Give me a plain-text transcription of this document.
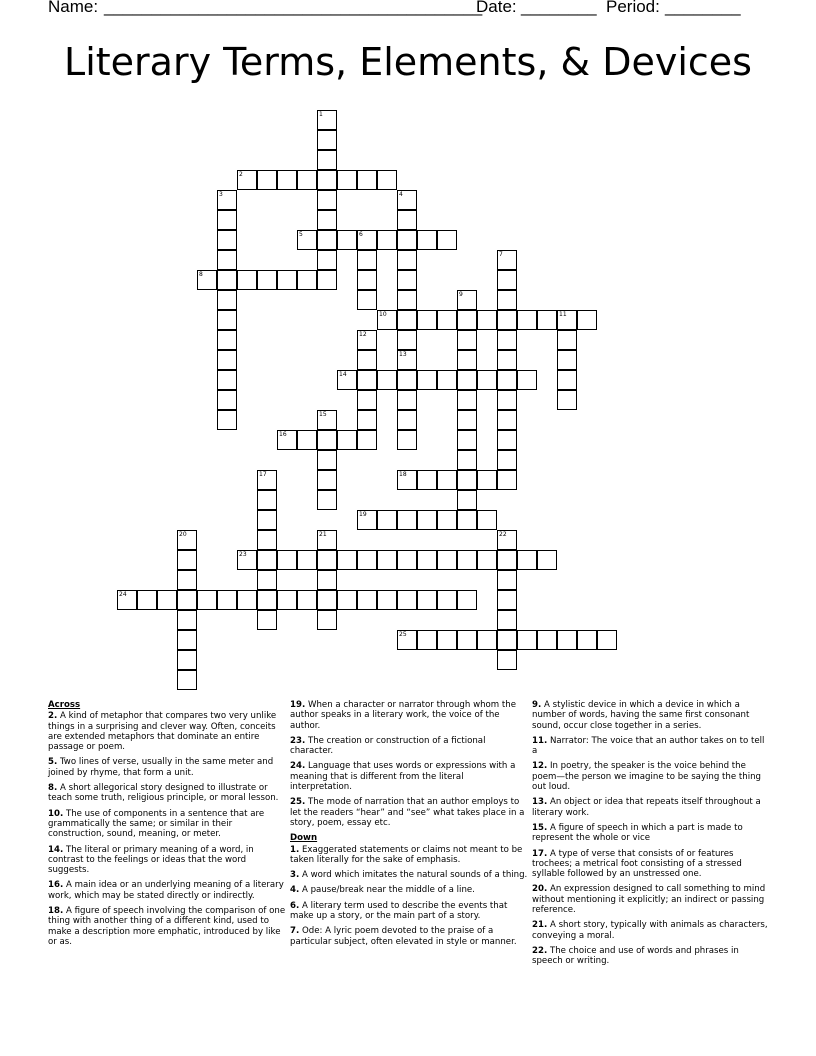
Name: ________________________________________
Date: ________ Period: ________
Literary Terms, Elements, & Devices
2
5
8
10
14
16
18
19
23
24
25
1
3	4
6
7
9
11
12
13
15
17
20	21	22
Across
2. A kind of metaphor that compares two very unlike things in a surprising and clever way. Often, conceits are extended metaphors that dominate an entire passage or poem.
5. Two lines of verse, usually in the same meter and joined by rhyme, that form a unit.
8. A short allegorical story designed to illustrate or teach some truth, religious principle, or moral lesson.
10. The use of components in a sentence that are grammatically the same; or similar in their construction, sound, meaning, or meter.
14. The literal or primary meaning of a word, in contrast to the feelings or ideas that the word suggests.
16. A main idea or an underlying meaning of a literary work, which may be stated directly or indirectly.
18. A figure of speech involving the comparison of one thing with another thing of a different kind, used to make a description more emphatic, introduced by like or as.
19. When a character or narrator through whom the author speaks in a literary work, the voice of the author.
23. The creation or construction of a fictional character.
24. Language that uses words or expressions with a meaning that is different from the literal interpretation.
25. The mode of narration that an author employs to let the readers “hear” and “see” what takes place in a story, poem, essay etc.
Down
1. Exaggerated statements or claims not meant to be taken literally for the sake of emphasis.
3. A word which imitates the natural sounds of a thing.
4. A pause/break near the middle of a line.
6. A literary term used to describe the events that make up a story, or the main part of a story.
7. Ode: A lyric poem devoted to the praise of a particular subject, often elevated in style or manner.
9. A stylistic device in which a device in which a number of words, having the same first consonant sound, occur close together in a series.
11. Narrator: The voice that an author takes on to tell a
12. In poetry, the speaker is the voice behind the poem—the person we imagine to be saying the thing out loud.
13. An object or idea that repeats itself throughout a literary work.
15. A figure of speech in which a part is made to represent the whole or vice
17. A type of verse that consists of or features trochees; a metrical foot consisting of a stressed syllable followed by an unstressed one.
20. An expression designed to call something to mind without mentioning it explicitly; an indirect or passing reference.
21. A short story, typically with animals as characters, conveying a moral.
22. The choice and use of words and phrases in speech or writing.
